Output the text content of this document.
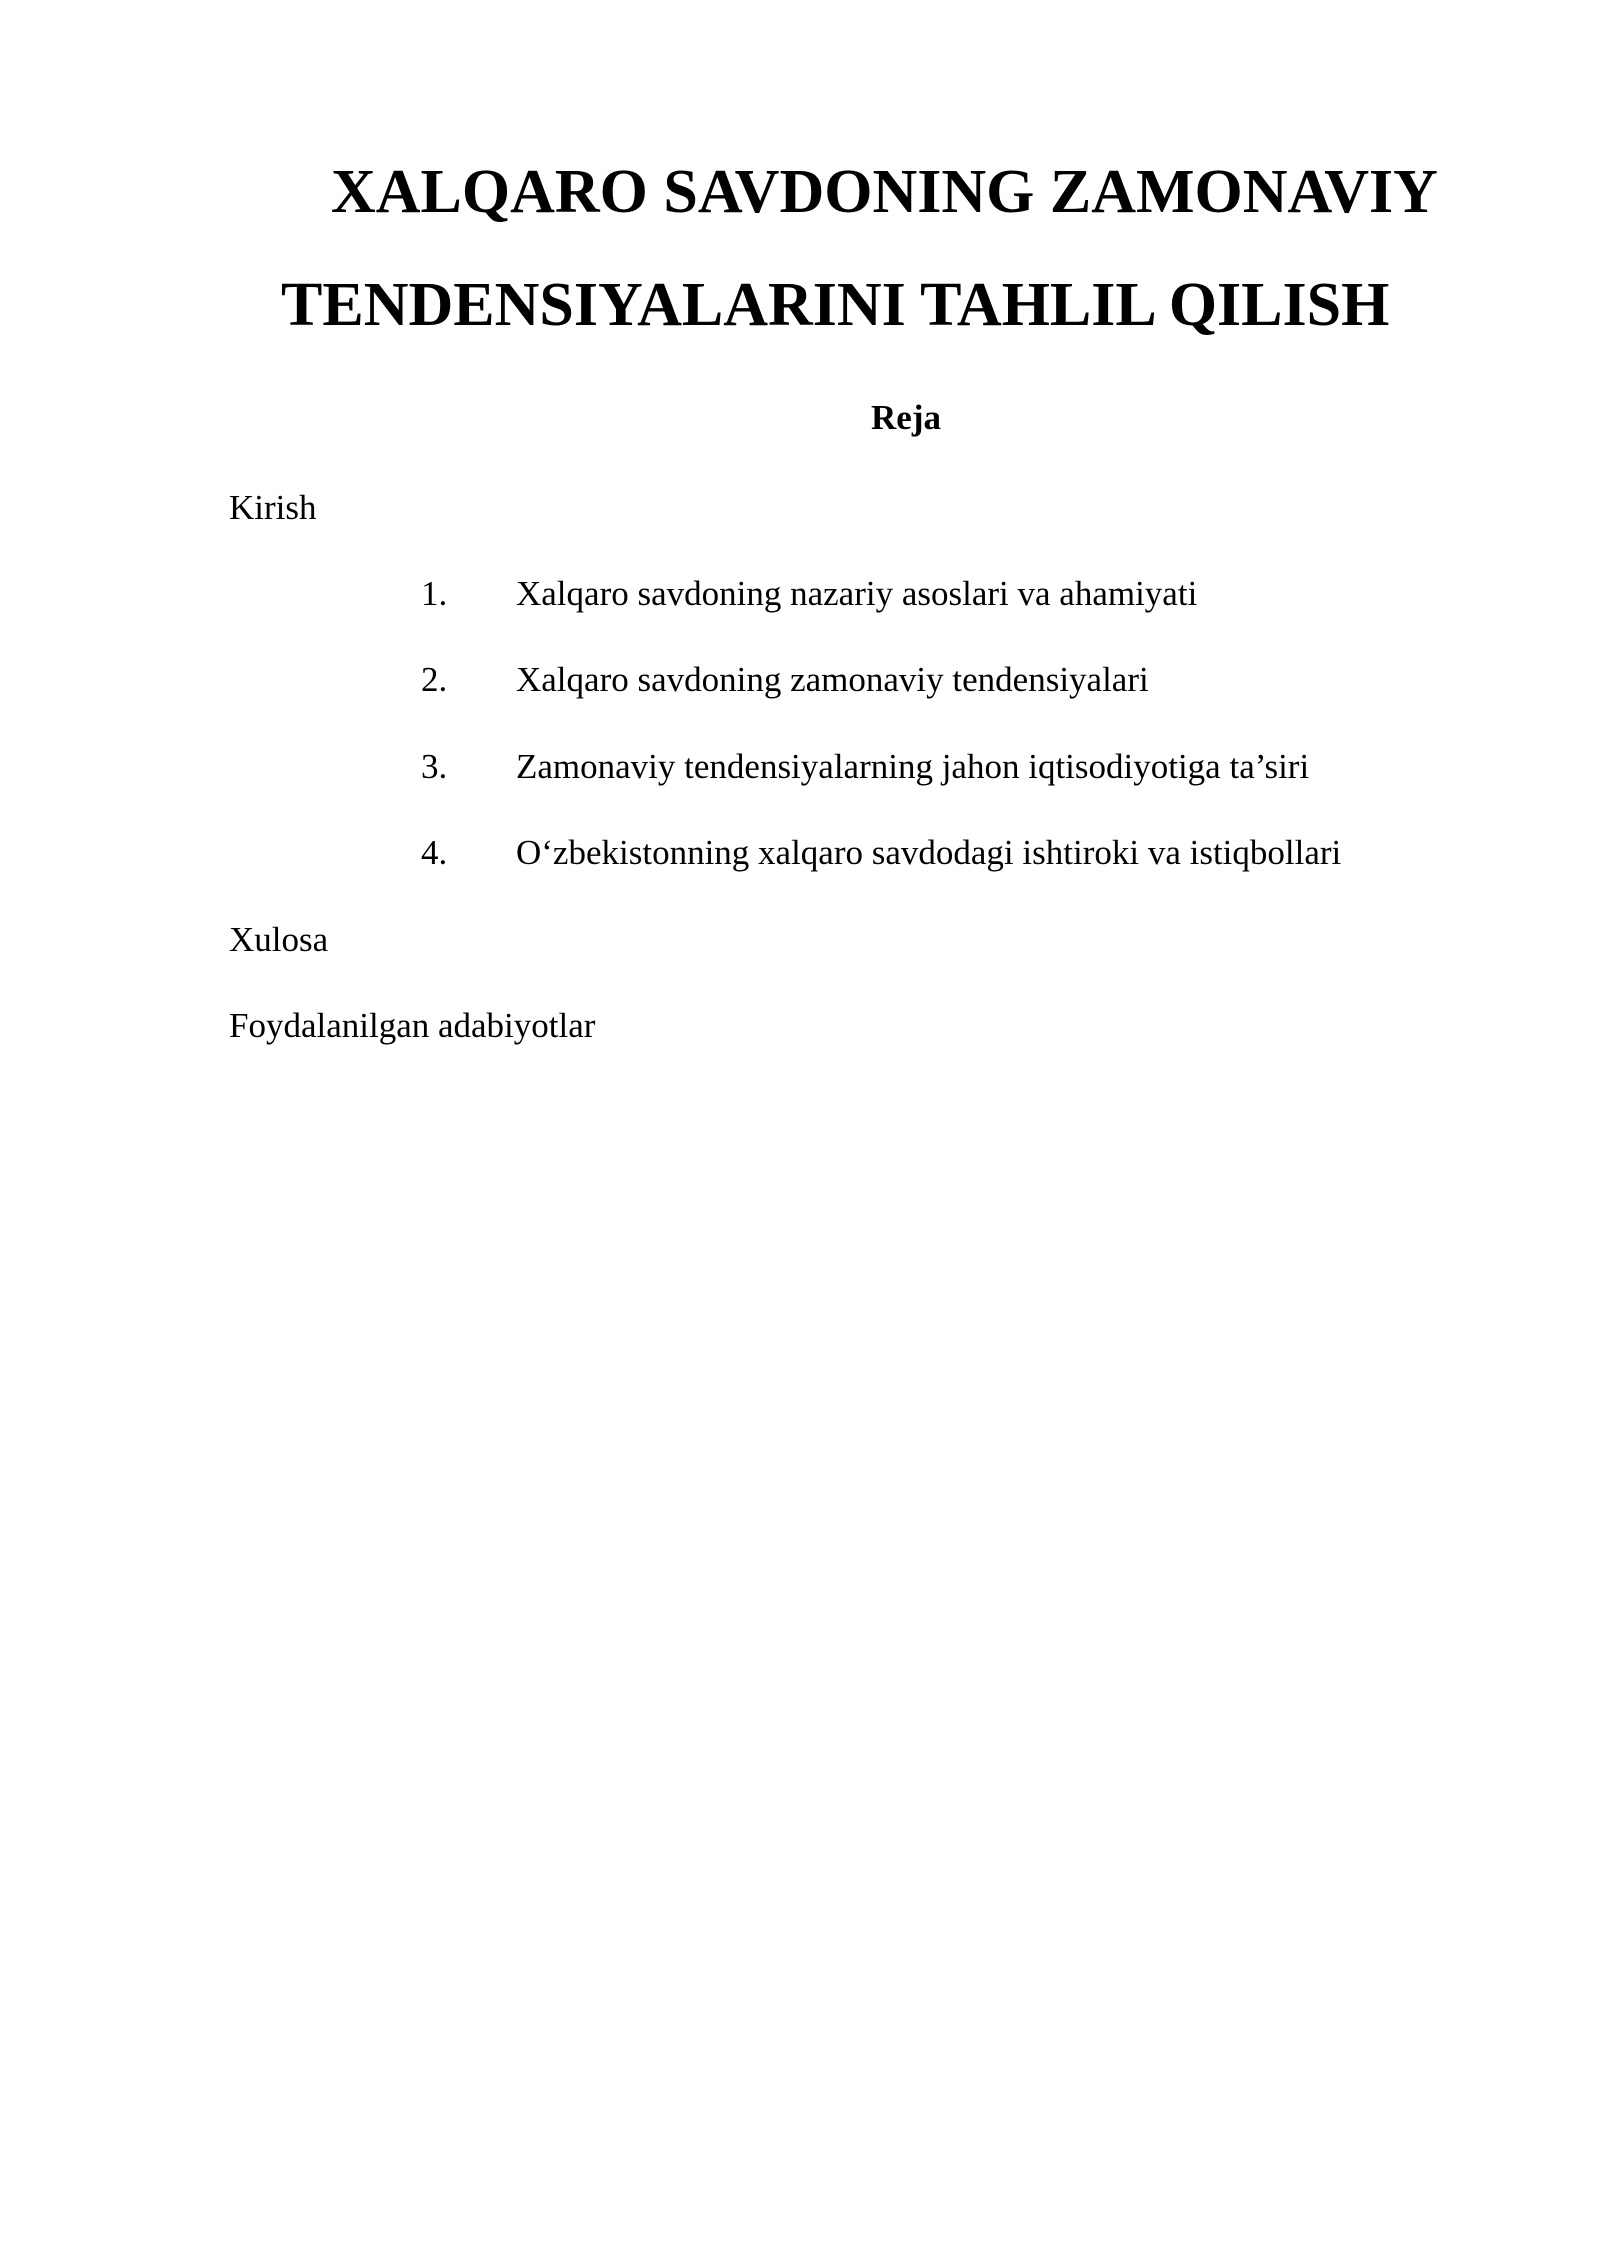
XALQARO SAVDONING ZAMONAVIY
TENDENSIYALARINI TAHLIL QILISH
Reja

Kirish

1. Xalqaro savdoning nazariy asoslari va ahamiyati
2. Xalqaro savdoning zamonaviy tendensiyalari
3. Zamonaviy tendensiyalarning jahon iqtisodiyotiga ta’siri
4. O‘zbekistonning xalqaro savdodagi ishtiroki va istiqbollari

Xulosa

Foydalanilgan adabiyotlar
